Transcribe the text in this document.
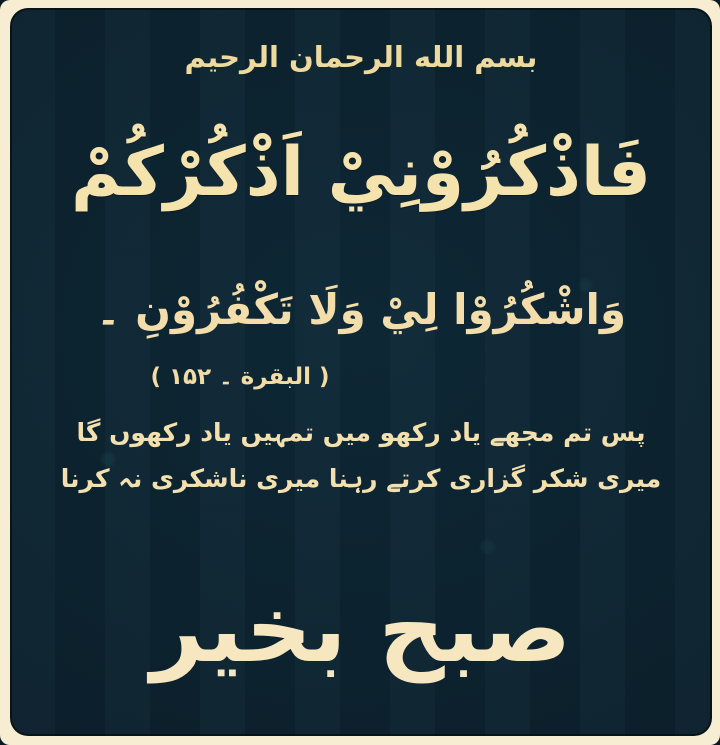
بسم الله الرحمان الرحيم
فَاذْكُرُوْنِيْ اَذْكُرْكُمْ
وَاشْكُرُوْا لِيْ وَلَا تَكْفُرُوْنِ ۔
( البقرة ۔ ۱۵۲ )
پس تم مجھے یاد رکھو میں تمہیں یاد رکھوں گا
میری شکر گزاری کرتے رہنا میری ناشکری نہ کرنا
صبح بخیر
